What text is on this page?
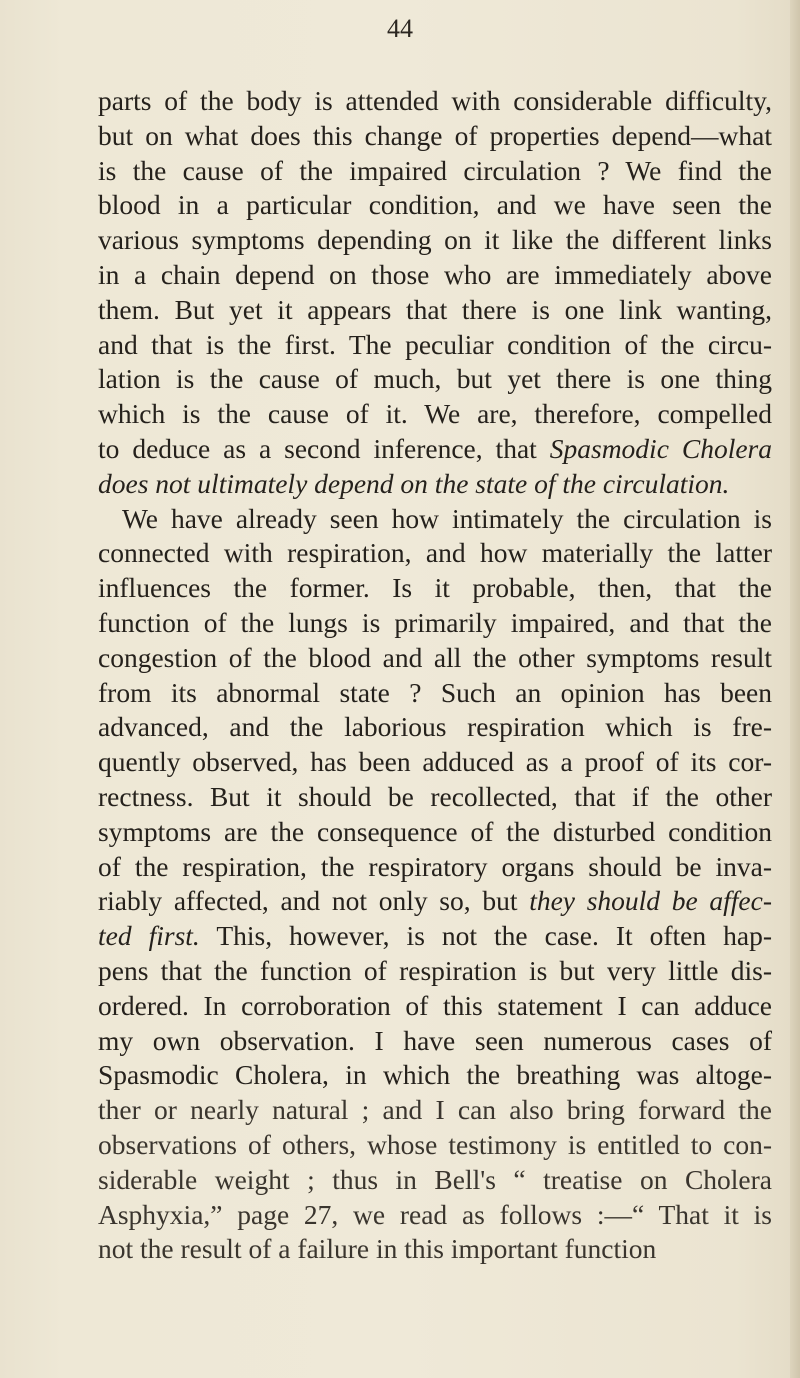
44

parts of the body is attended with considerable difficulty,
but on what does this change of properties depend—what
is the cause of the impaired circulation ? We find the
blood in a particular condition, and we have seen the
various symptoms depending on it like the different links
in a chain depend on those who are immediately above
them. But yet it appears that there is one link wanting,
and that is the first. The peculiar condition of the circu-
lation is the cause of much, but yet there is one thing
which is the cause of it. We are, therefore, compelled
to deduce as a second inference, that Spasmodic Cholera
does not ultimately depend on the state of the circulation.
We have already seen how intimately the circulation is
connected with respiration, and how materially the latter
influences the former. Is it probable, then, that the
function of the lungs is primarily impaired, and that the
congestion of the blood and all the other symptoms result
from its abnormal state ? Such an opinion has been
advanced, and the laborious respiration which is fre-
quently observed, has been adduced as a proof of its cor-
rectness. But it should be recollected, that if the other
symptoms are the consequence of the disturbed condition
of the respiration, the respiratory organs should be inva-
riably affected, and not only so, but they should be affec-
ted first. This, however, is not the case. It often hap-
pens that the function of respiration is but very little dis-
ordered. In corroboration of this statement I can adduce
my own observation. I have seen numerous cases of
Spasmodic Cholera, in which the breathing was altoge-
ther or nearly natural ; and I can also bring forward the
observations of others, whose testimony is entitled to con-
siderable weight ; thus in Bell's “ treatise on Cholera
Asphyxia,” page 27, we read as follows :—“ That it is
not the result of a failure in this important function
